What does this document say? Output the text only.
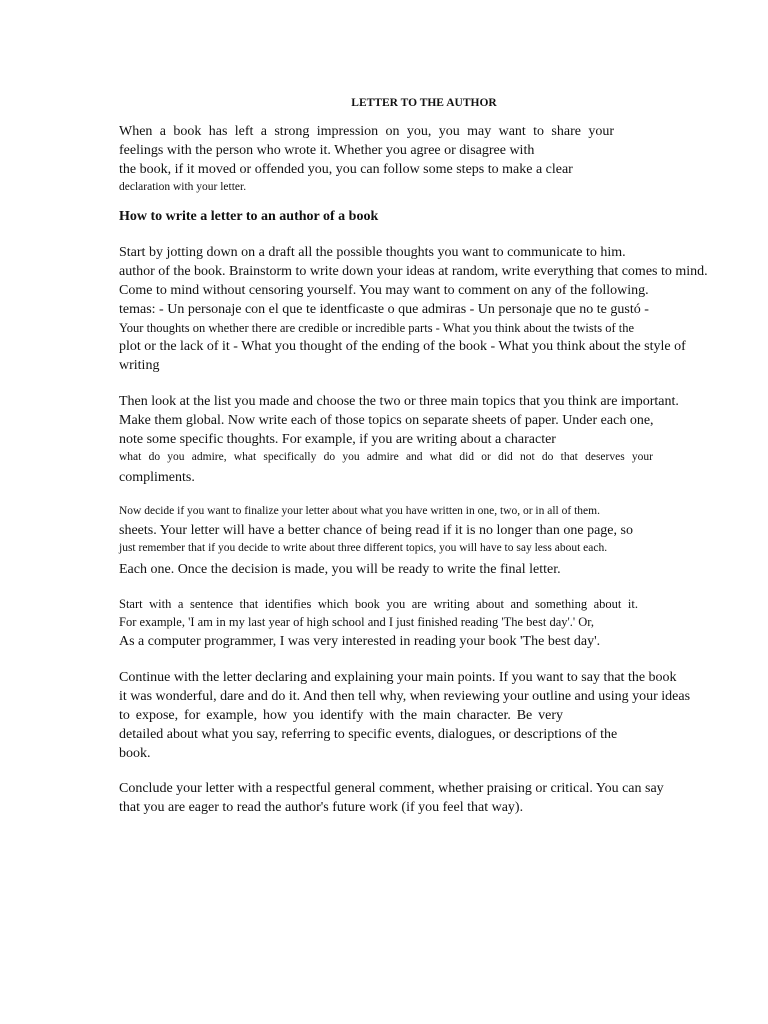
LETTER TO THE AUTHOR
When a book has left a strong impression on you, you may want to share your
feelings with the person who wrote it. Whether you agree or disagree with
the book, if it moved or offended you, you can follow some steps to make a clear
declaration with your letter.
How to write a letter to an author of a book
Start by jotting down on a draft all the possible thoughts you want to communicate to him.
author of the book. Brainstorm to write down your ideas at random, write everything that comes to mind.
Come to mind without censoring yourself. You may want to comment on any of the following.
temas: - Un personaje con el que te identficaste o que admiras - Un personaje que no te gustó -
Your thoughts on whether there are credible or incredible parts - What you think about the twists of the
plot or the lack of it - What you thought of the ending of the book - What you think about the style of
writing
Then look at the list you made and choose the two or three main topics that you think are important.
Make them global. Now write each of those topics on separate sheets of paper. Under each one,
note some specific thoughts. For example, if you are writing about a character
what do you admire, what specifically do you admire and what did or did not do that deserves your
compliments.
Now decide if you want to finalize your letter about what you have written in one, two, or in all of them.
sheets. Your letter will have a better chance of being read if it is no longer than one page, so
just remember that if you decide to write about three different topics, you will have to say less about each.
Each one. Once the decision is made, you will be ready to write the final letter.
Start with a sentence that identifies which book you are writing about and something about it.
For example, 'I am in my last year of high school and I just finished reading 'The best day'.' Or,
As a computer programmer, I was very interested in reading your book 'The best day'.
Continue with the letter declaring and explaining your main points. If you want to say that the book
it was wonderful, dare and do it. And then tell why, when reviewing your outline and using your ideas
to expose, for example, how you identify with the main character. Be very
detailed about what you say, referring to specific events, dialogues, or descriptions of the
book.
Conclude your letter with a respectful general comment, whether praising or critical. You can say
that you are eager to read the author's future work (if you feel that way).
